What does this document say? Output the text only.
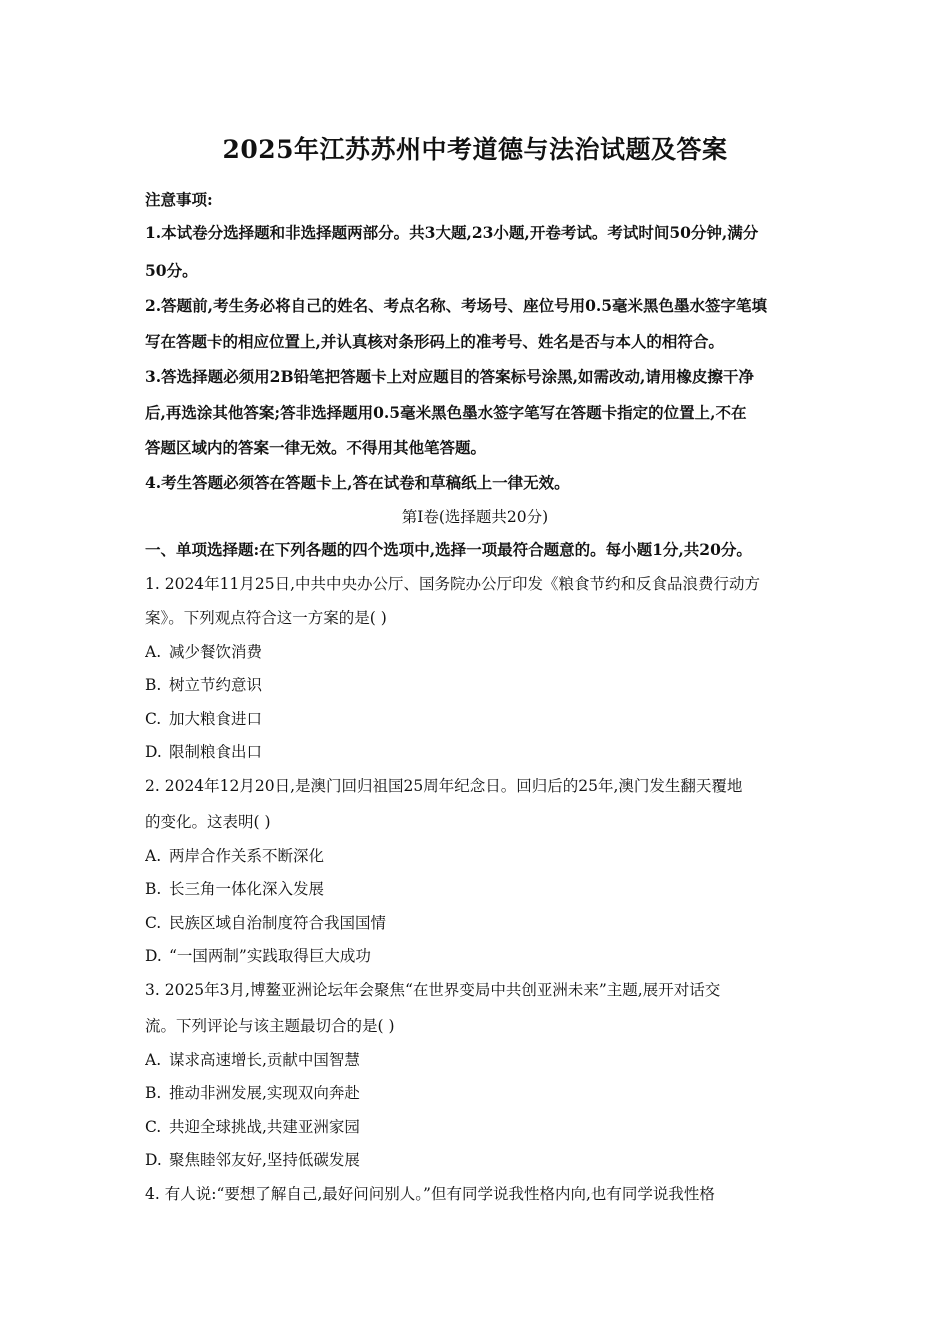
2025年江苏苏州中考道德与法治试题及答案
注意事项:
1.本试卷分选择题和非选择题两部分。共3大题,23小题,开卷考试。考试时间50分钟,满分
50分。
2.答题前,考生务必将自己的姓名、考点名称、考场号、座位号用0.5毫米黑色墨水签字笔填
写在答题卡的相应位置上,并认真核对条形码上的准考号、姓名是否与本人的相符合。
3.答选择题必须用2B铅笔把答题卡上对应题目的答案标号涂黑,如需改动,请用橡皮擦干净
后,再选涂其他答案;答非选择题用0.5毫米黑色墨水签字笔写在答题卡指定的位置上,不在
答题区域内的答案一律无效。不得用其他笔答题。
4.考生答题必须答在答题卡上,答在试卷和草稿纸上一律无效。
第Ⅰ卷(选择题共20分)
一、单项选择题:在下列各题的四个选项中,选择一项最符合题意的。每小题1分,共20分。
1. 2024年11月25日,中共中央办公厅、国务院办公厅印发《粮食节约和反食品浪费行动方
案》。下列观点符合这一方案的是( )
A. 减少餐饮消费
B. 树立节约意识
C. 加大粮食进口
D. 限制粮食出口
2. 2024年12月20日,是澳门回归祖国25周年纪念日。回归后的25年,澳门发生翻天覆地
的变化。这表明( )
A. 两岸合作关系不断深化
B. 长三角一体化深入发展
C. 民族区域自治制度符合我国国情
D. “一国两制”实践取得巨大成功
3. 2025年3月,博鳌亚洲论坛年会聚焦“在世界变局中共创亚洲未来”主题,展开对话交
流。下列评论与该主题最切合的是( )
A. 谋求高速增长,贡献中国智慧
B. 推动非洲发展,实现双向奔赴
C. 共迎全球挑战,共建亚洲家园
D. 聚焦睦邻友好,坚持低碳发展
4. 有人说:“要想了解自己,最好问问别人。”但有同学说我性格内向,也有同学说我性格
